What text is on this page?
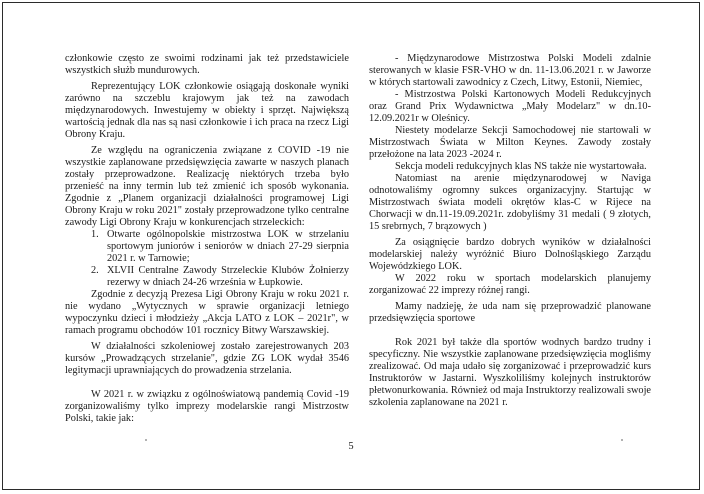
członkowie często ze swoimi rodzinami jak też przedstawiciele wszystkich służb mundurowych.

Reprezentujący LOK członkowie osiągają doskonałe wyniki zarówno na szczeblu krajowym jak też na zawodach międzynarodowych. Inwestujemy w obiekty i sprzęt. Największą wartością jednak dla nas są nasi członkowie i ich praca na rzecz Ligi Obrony Kraju.

Ze względu na ograniczenia związane z COVID -19 nie wszystkie zaplanowane przedsięwzięcia zawarte w naszych planach zostały przeprowadzone. Realizację niektórych trzeba było przenieść na inny termin lub też zmienić ich sposób wykonania. Zgodnie z „Planem organizacji działalności programowej Ligi Obrony Kraju w roku 2021" zostały przeprowadzone tylko centralne zawody Ligi Obrony Kraju w konkurencjach strzeleckich:

1. Otwarte ogólnopolskie mistrzostwa LOK w strzelaniu sportowym juniorów i seniorów w dniach 27-29 sierpnia 2021 r. w Tarnowie;
2. XLVII Centralne Zawody Strzeleckie Klubów Żołnierzy rezerwy w dniach 24-26 września w Łupkowie.

Zgodnie z decyzją Prezesa Ligi Obrony Kraju w roku 2021 r. nie wydano „Wytycznych w sprawie organizacji letniego wypoczynku dzieci i młodzieży „Akcja LATO z LOK – 2021r", w ramach programu obchodów 101 rocznicy Bitwy Warszawskiej.

W działalności szkoleniowej zostało zarejestrowanych 203 kursów „Prowadzących strzelanie", gdzie ZG LOK wydał 3546 legitymacji uprawniających do prowadzenia strzelania.

W 2021 r. w związku z ogólnoświatową pandemią Covid -19 zorganizowaliśmy tylko imprezy modelarskie rangi Mistrzostw Polski, takie jak:

- Międzynarodowe Mistrzostwa Polski Modeli zdalnie sterowanych w klasie FSR-VHO w dn. 11-13.06.2021 r. w Jaworze w których startowali zawodnicy z Czech, Litwy, Estonii, Niemiec,

- Mistrzostwa Polski Kartonowych Modeli Redukcyjnych oraz Grand Prix Wydawnictwa „Mały Modelarz" w dn.10-12.09.2021r w Oleśnicy.

Niestety modelarze Sekcji Samochodowej nie startowali w Mistrzostwach Świata w Milton Keynes. Zawody zostały przełożone na lata 2023 -2024 r.

Sekcja modeli redukcyjnych klas NS także nie wystartowała.

Natomiast na arenie międzynarodowej w Naviga odnotowaliśmy ogromny sukces organizacyjny. Startując w Mistrzostwach świata modeli okrętów klas-C w Rijece na Chorwacji w dn.11-19.09.2021r. zdobyliśmy 31 medali ( 9 złotych, 15 srebrnych, 7 brązowych )

Za osiągnięcie bardzo dobrych wyników w działalności modelarskiej należy wyróżnić Biuro Dolnośląskiego Zarządu Wojewódzkiego LOK.

W 2022 roku w sportach modelarskich planujemy zorganizować 22 imprezy różnej rangi.

Mamy nadzieję, że uda nam się przeprowadzić planowane przedsięwzięcia sportowe

Rok 2021 był także dla sportów wodnych bardzo trudny i specyficzny. Nie wszystkie zaplanowane przedsięwzięcia mogliśmy zrealizować. Od maja udało się zorganizować i przeprowadzić kurs Instruktorów w Jastarni. Wyszkoliliśmy kolejnych instruktorów płetwonurkowania. Również od maja Instruktorzy realizowali swoje szkolenia zaplanowane na 2021 r.

5
